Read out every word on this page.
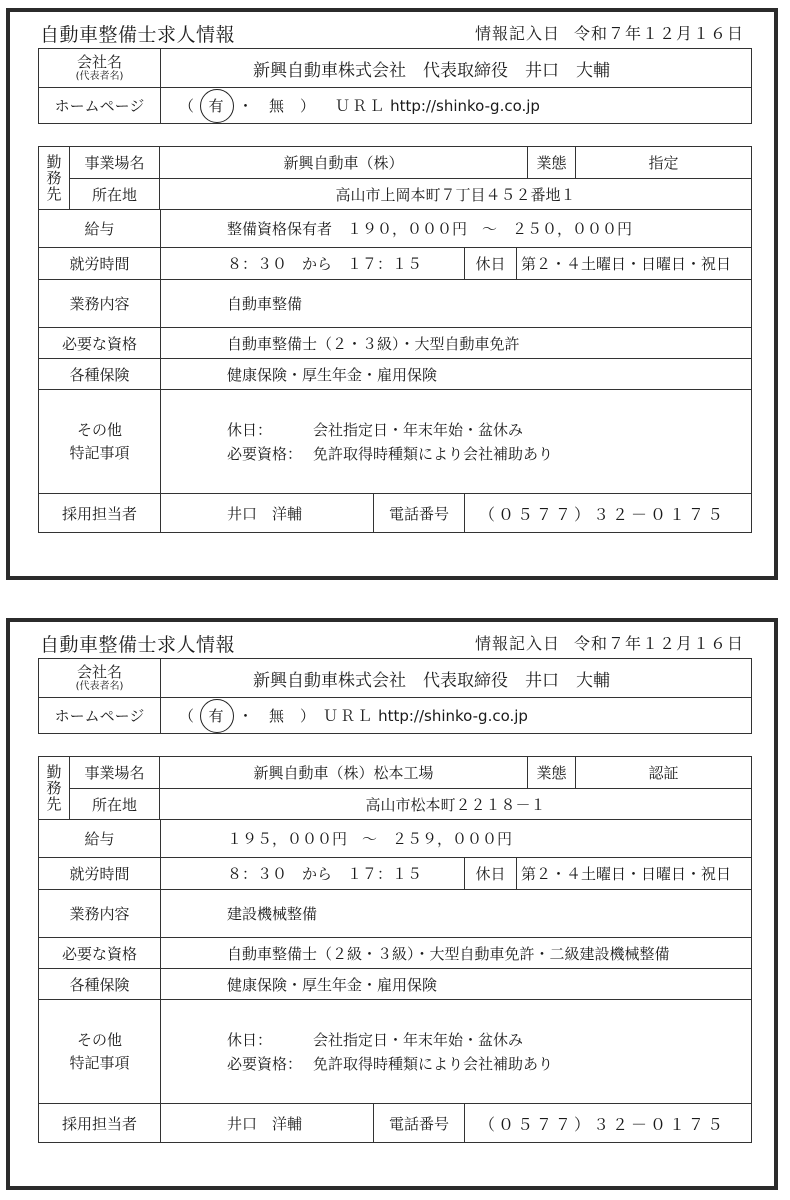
自動車整備士求人情報	情報記入日 令和７年１２月１６日
会社名
(代表者名)	新興自動車株式会社　代表取締役　井口　大輔
ホームページ	（ 有 ・ 無 ） ＵＲＬ http://shinko-g.co.jp
勤務先	事業場名	新興自動車（株）	業態	指定
所在地	高山市上岡本町７丁目４５２番地１
給与	整備資格保有者　１９０，０００円　～　２５０，０００円
就労時間	８：３０　から　１７：１５	休日	第２・４土曜日・日曜日・祝日
業務内容	自動車整備
必要な資格	自動車整備士（２・３級）・大型自動車免許
各種保険	健康保険・厚生年金・雇用保険
その他
特記事項
休日：	会社指定日・年末年始・盆休み
必要資格： 免許取得時種類により会社補助あり
採用担当者	井口　洋輔	電話番号	（０５７７）３２－０１７５
自動車整備士求人情報	情報記入日 令和７年１２月１６日
会社名
(代表者名)	新興自動車株式会社　代表取締役　井口　大輔
ホームページ	（ 有 ・ 無 ） ＵＲＬ http://shinko-g.co.jp
勤務先	事業場名	新興自動車（株）松本工場	業態	認証
所在地	高山市松本町２２１８－１
給与	１９５，０００円　～　２５９，０００円
就労時間	８：３０　から　１７：１５	休日	第２・４土曜日・日曜日・祝日
業務内容	建設機械整備
必要な資格	自動車整備士（２級・３級）・大型自動車免許・二級建設機械整備
各種保険	健康保険・厚生年金・雇用保険
その他
特記事項
休日：	会社指定日・年末年始・盆休み
必要資格： 免許取得時種類により会社補助あり
採用担当者	井口　洋輔	電話番号	（０５７７）３２－０１７５
